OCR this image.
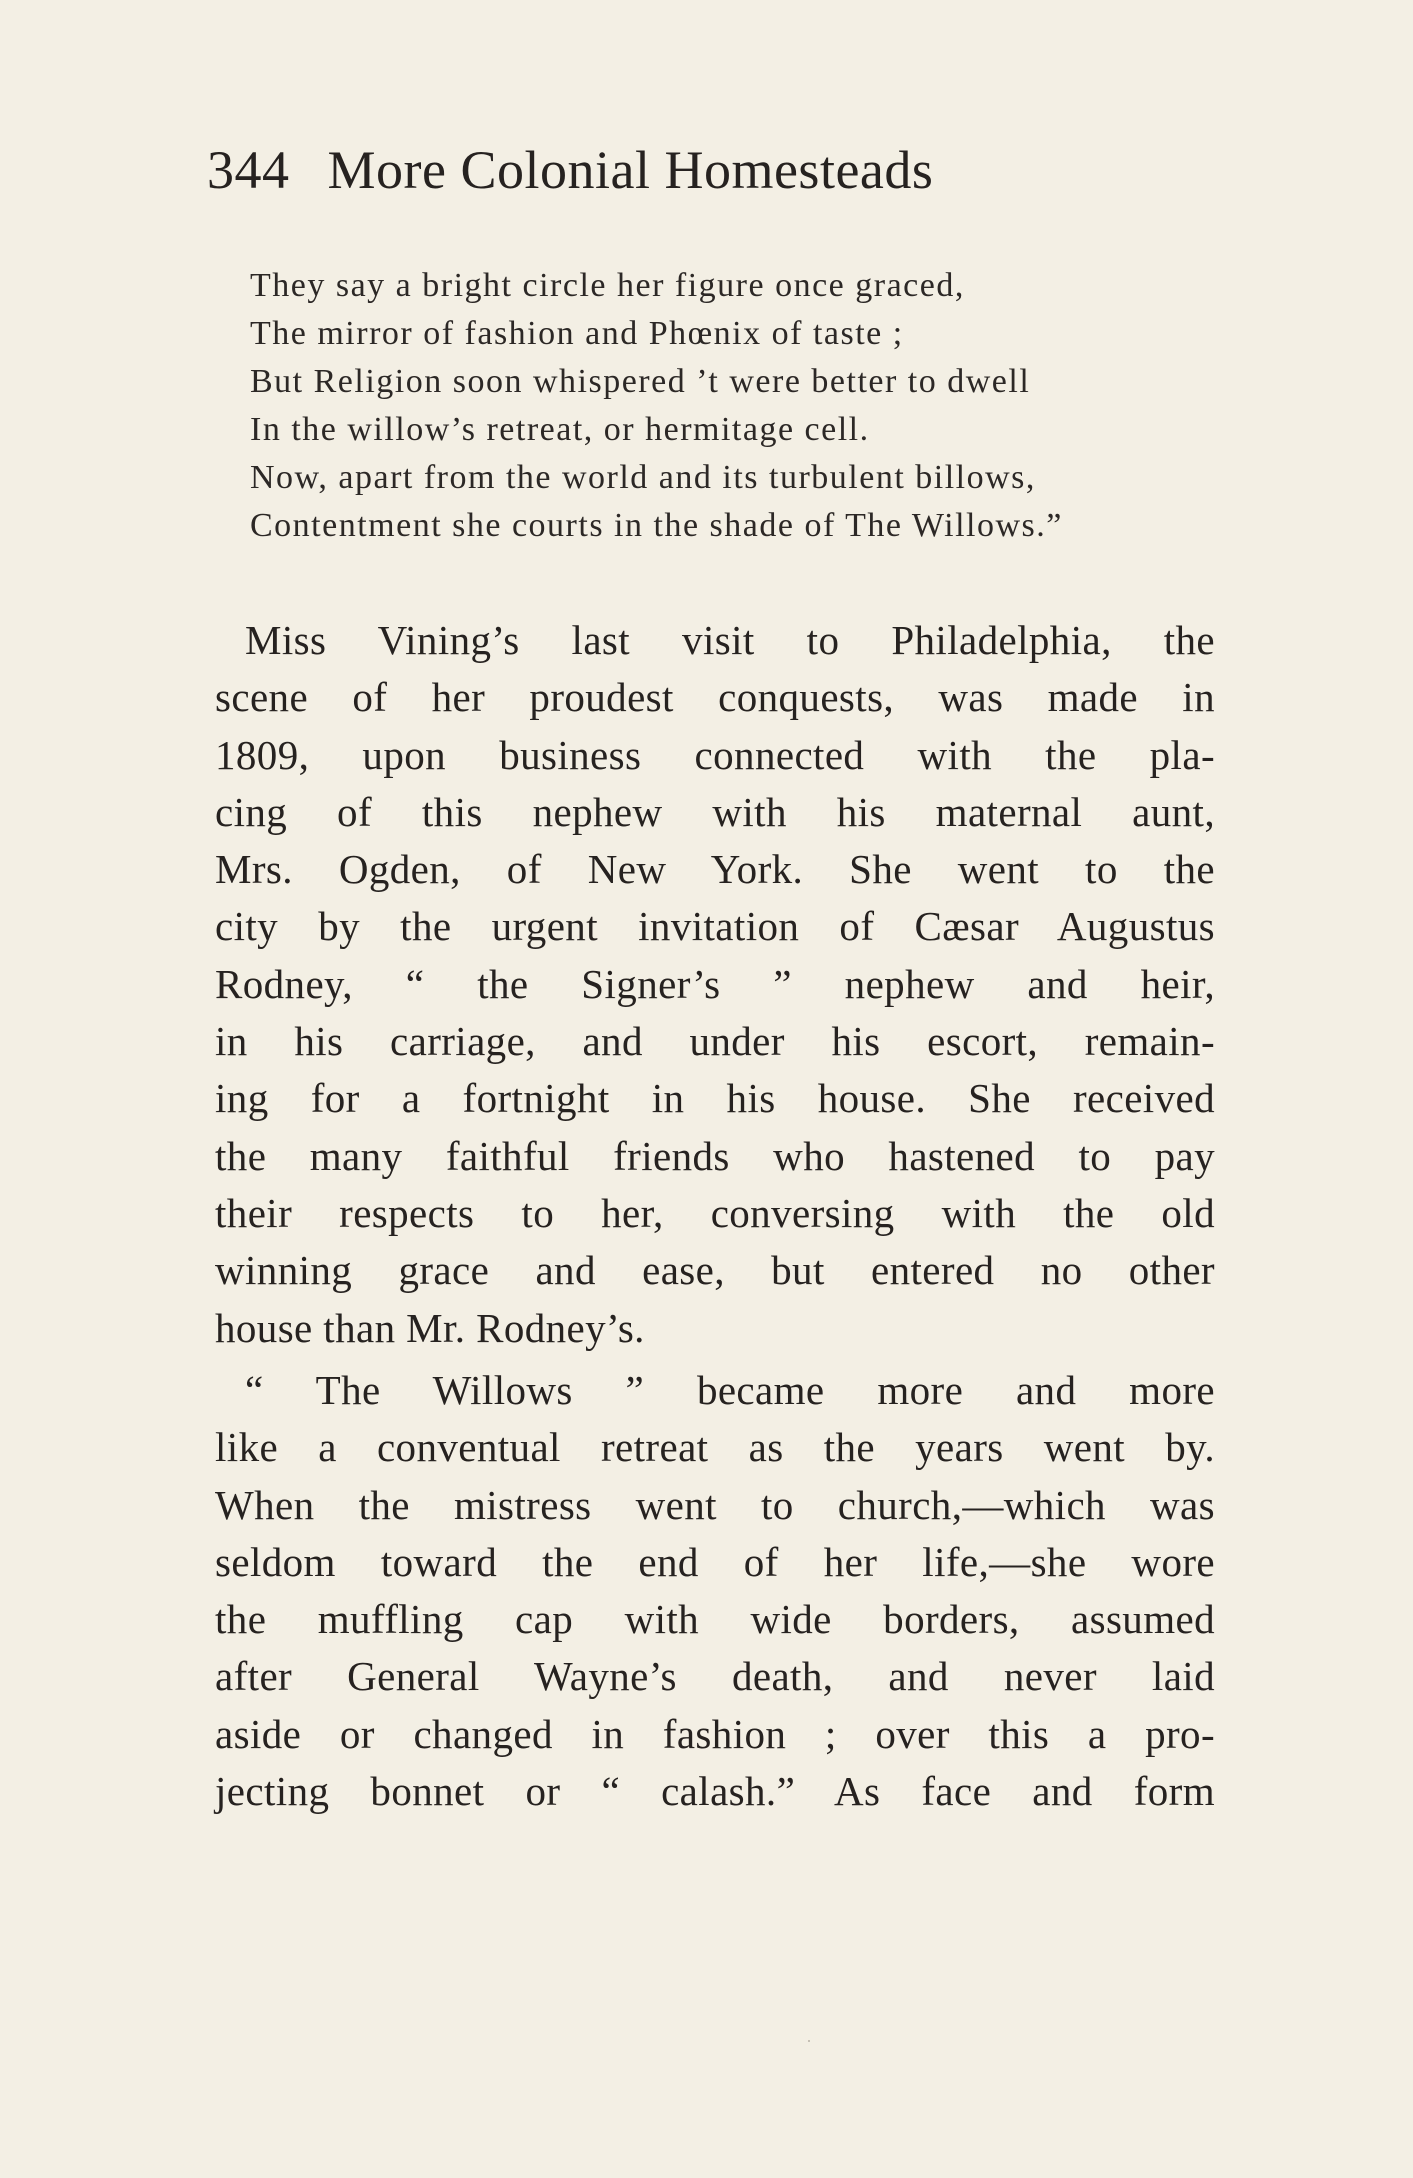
344 More Colonial Homesteads
They say a bright circle her figure once graced,
The mirror of fashion and Phœnix of taste ;
But Religion soon whispered ’t were better to dwell
In the willow’s retreat, or hermitage cell.
Now, apart from the world and its turbulent billows,
Contentment she courts in the shade of The Willows.”
Miss Vining’s last visit to Philadelphia, the
scene of her proudest conquests, was made in
1809, upon business connected with the pla-
cing of this nephew with his maternal aunt,
Mrs. Ogden, of New York. She went to the
city by the urgent invitation of Cæsar Augustus
Rodney, “ the Signer’s ” nephew and heir,
in his carriage, and under his escort, remain-
ing for a fortnight in his house. She received
the many faithful friends who hastened to pay
their respects to her, conversing with the old
winning grace and ease, but entered no other
house than Mr. Rodney’s.
“ The Willows ” became more and more
like a conventual retreat as the years went by.
When the mistress went to church,—which was
seldom toward the end of her life,—she wore
the muffling cap with wide borders, assumed
after General Wayne’s death, and never laid
aside or changed in fashion ; over this a pro-
jecting bonnet or “ calash.” As face and form
